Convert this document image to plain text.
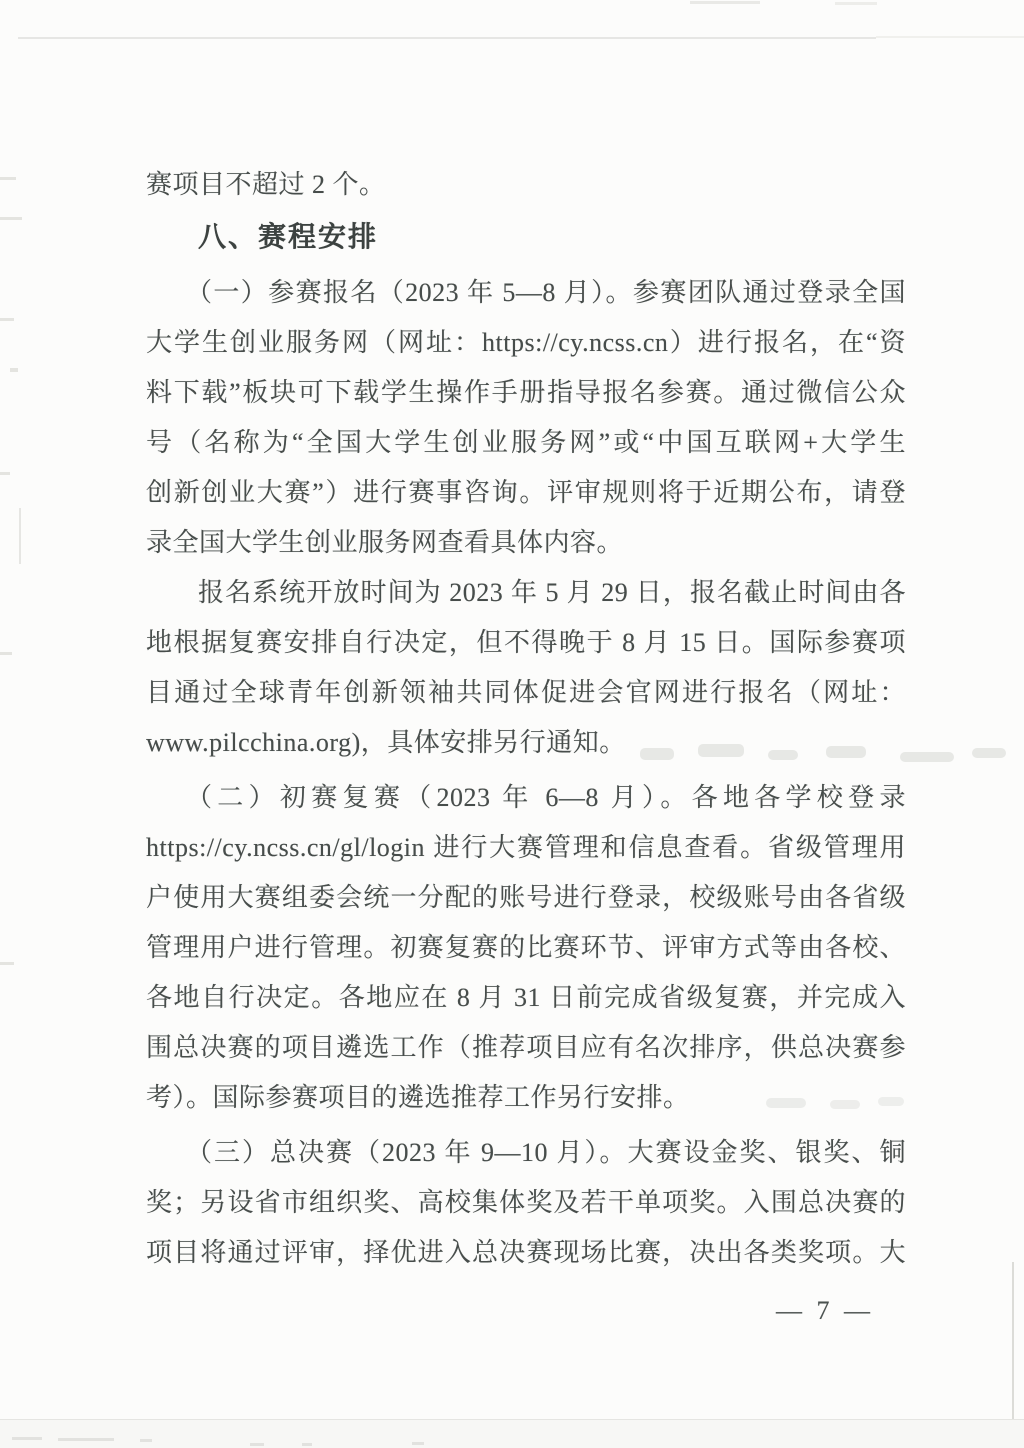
赛项目不超过 2 个。
八、赛程安排
（一）参赛报名（2023 年 5—8 月）。参赛团队通过登录全国
大学生创业服务网（网址：https://cy.ncss.cn）进行报名，在“资
料下载”板块可下载学生操作手册指导报名参赛。通过微信公众
号（名称为“全国大学生创业服务网”或“中国互联网+大学生
创新创业大赛”）进行赛事咨询。评审规则将于近期公布，请登
录全国大学生创业服务网查看具体内容。
报名系统开放时间为 2023 年 5 月 29 日，报名截止时间由各
地根据复赛安排自行决定，但不得晚于 8 月 15 日。国际参赛项
目通过全球青年创新领袖共同体促进会官网进行报名（网址：
www.pilcchina.org)，具体安排另行通知。
（二）初赛复赛（2023 年 6—8 月）。各地各学校登录
https://cy.ncss.cn/gl/login 进行大赛管理和信息查看。省级管理用
户使用大赛组委会统一分配的账号进行登录，校级账号由各省级
管理用户进行管理。初赛复赛的比赛环节、评审方式等由各校、
各地自行决定。各地应在 8 月 31 日前完成省级复赛，并完成入
围总决赛的项目遴选工作（推荐项目应有名次排序，供总决赛参
考）。国际参赛项目的遴选推荐工作另行安排。
（三）总决赛（2023 年 9—10 月）。大赛设金奖、银奖、铜
奖；另设省市组织奖、高校集体奖及若干单项奖。入围总决赛的
项目将通过评审，择优进入总决赛现场比赛，决出各类奖项。大
— 7 —
